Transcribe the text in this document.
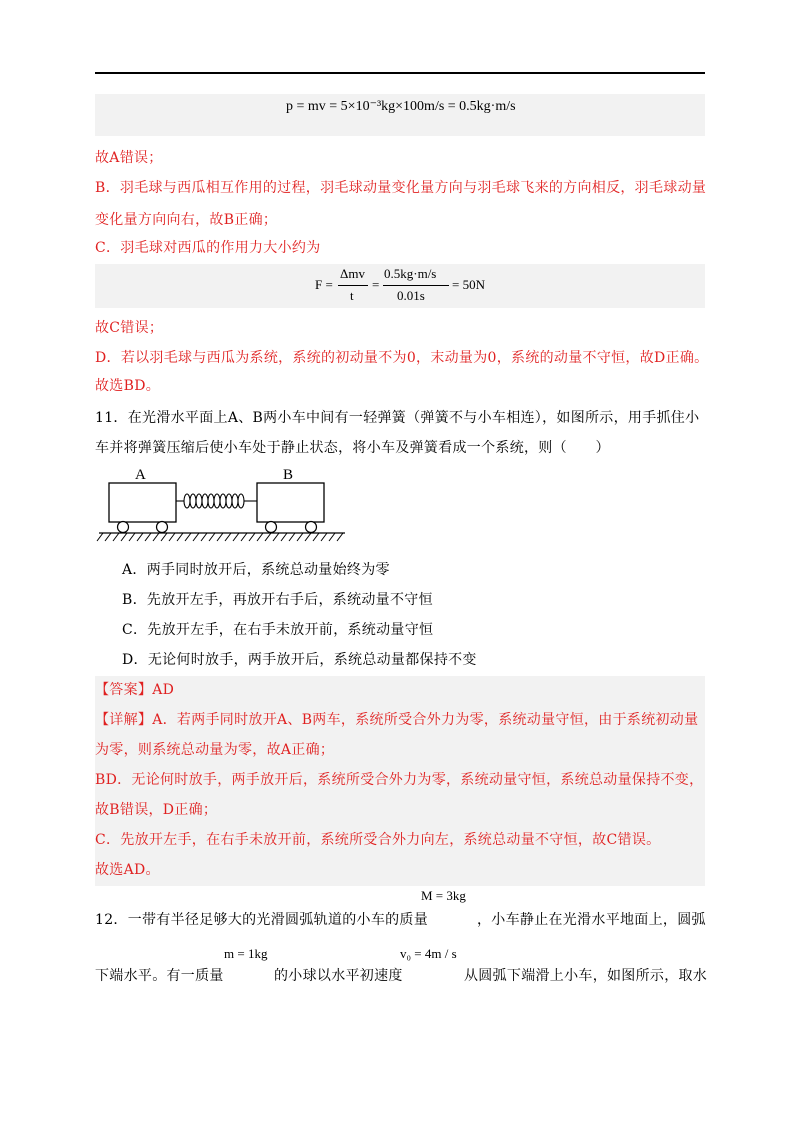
p = mv = 5×10⁻³kg×100m/s = 0.5kg·m/s
故A错误；
B．羽毛球与西瓜相互作用的过程，羽毛球动量变化量方向与羽毛球飞来的方向相反，羽毛球动量
变化量方向向右，故B正确；
C．羽毛球对西瓜的作用力大小约为
F =
Δmv
t
=
0.5kg·m/s
0.01s
= 50N
故C错误；
D．若以羽毛球与西瓜为系统，系统的初动量不为0，末动量为0，系统的动量不守恒，故D正确。
故选BD。
11．在光滑水平面上A、B两小车中间有一轻弹簧（弹簧不与小车相连），如图所示，用手抓住小
车并将弹簧压缩后使小车处于静止状态，将小车及弹簧看成一个系统，则（　　）
A	B
A．两手同时放开后，系统总动量始终为零
B．先放开左手，再放开右手后，系统动量不守恒
C．先放开左手，在右手未放开前，系统动量守恒
D．无论何时放手，两手放开后，系统总动量都保持不变
【答案】AD
【详解】A．若两手同时放开A、B两车，系统所受合外力为零，系统动量守恒，由于系统初动量
为零，则系统总动量为零，故A正确；
BD．无论何时放手，两手放开后，系统所受合外力为零，系统动量守恒，系统总动量保持不变，
故B错误，D正确；
C．先放开左手，在右手未放开前，系统所受合外力向左，系统总动量不守恒，故C错误。
故选AD。
12．一带有半径足够大的光滑圆弧轨道的小车的质量
M = 3kg
，小车静止在光滑水平地面上，圆弧
下端水平。有一质量
m = 1kg
的小球以水平初速度
v₀ = 4m / s
从圆弧下端滑上小车，如图所示，取水
